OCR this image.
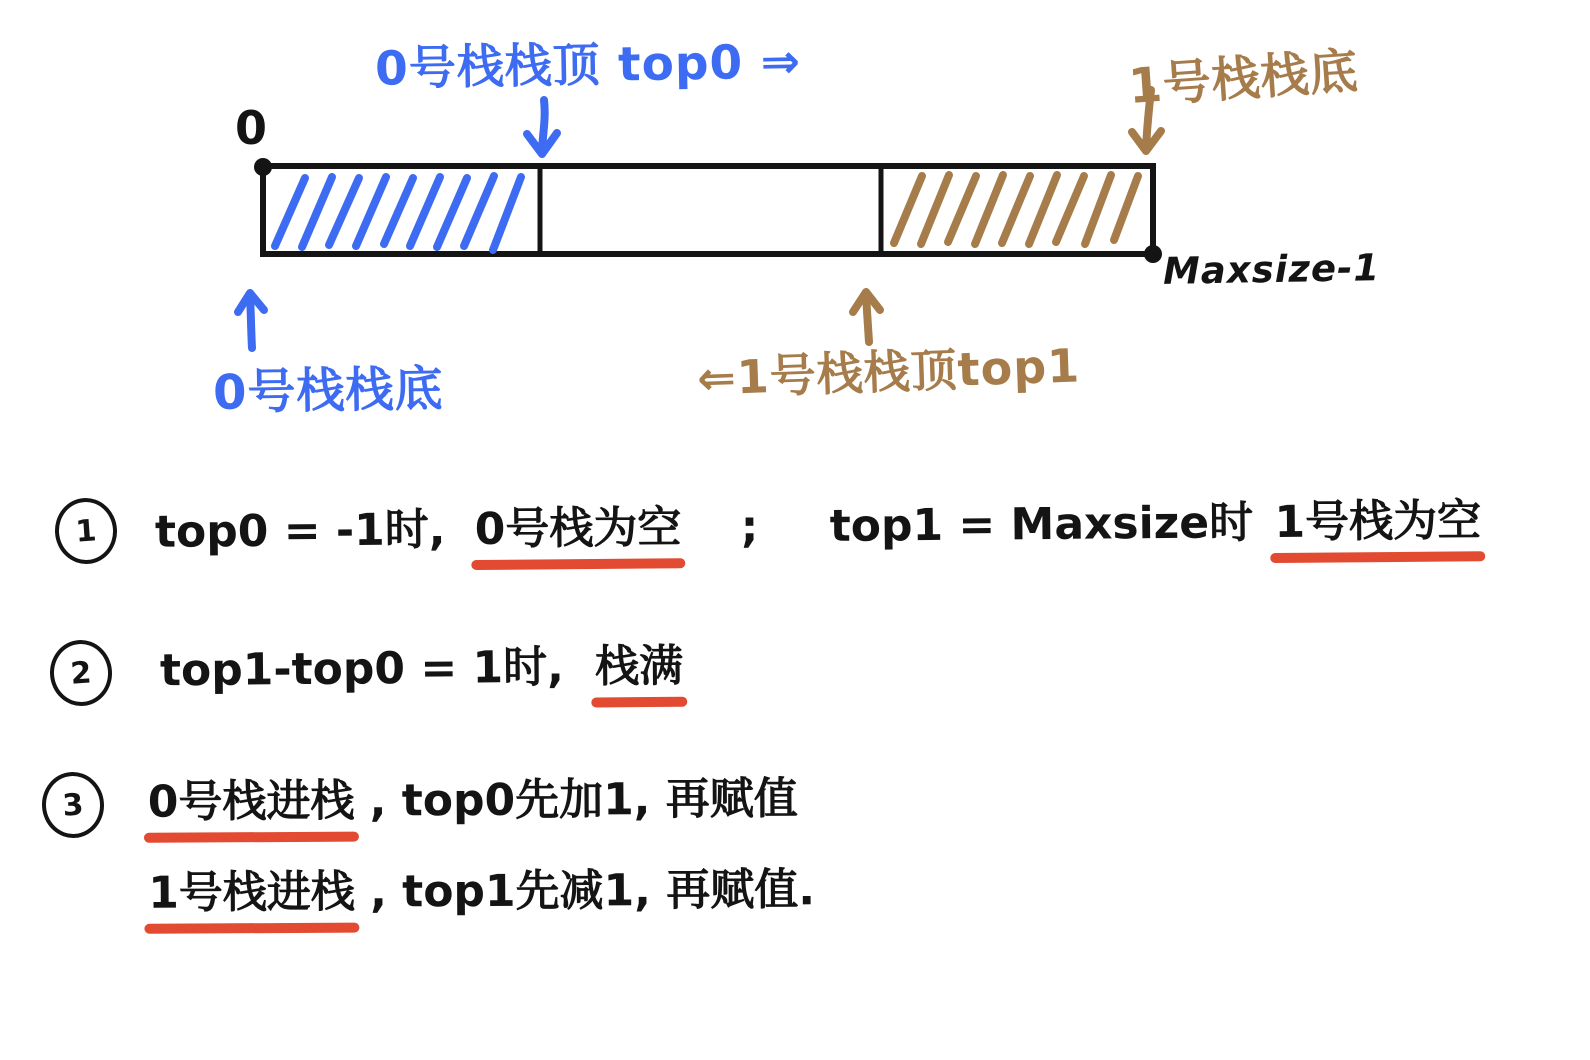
0号栈栈顶 top0 ⇒	1号栈栈底
0
Maxsize-1
0号栈栈底	⇐1号栈栈顶top1
1	top0 = -1时, 0号栈为空 ; top1 = Maxsize时 1号栈为空
2	top1-top0 = 1时, 栈满
3	0号栈进栈 , top0先加1, 再赋值
1号栈进栈 , top1先减1, 再赋值.
